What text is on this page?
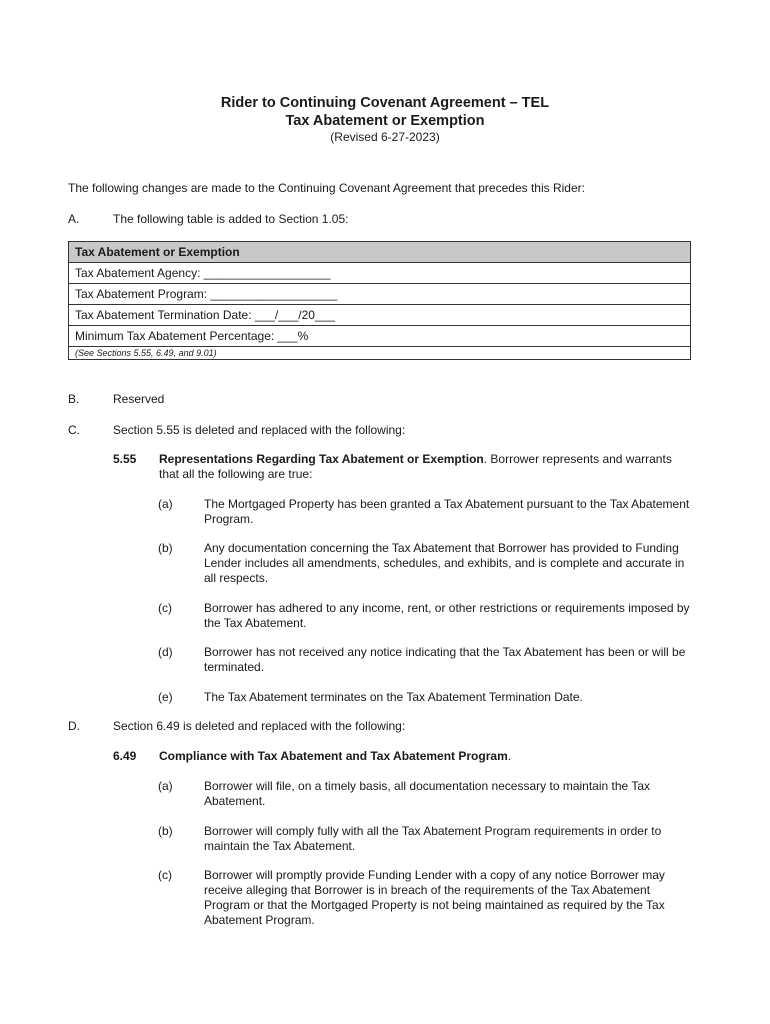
Rider to Continuing Covenant Agreement – TEL
Tax Abatement or Exemption
(Revised 6-27-2023)
The following changes are made to the Continuing Covenant Agreement that precedes this Rider:
A.	The following table is added to Section 1.05:
Tax Abatement or Exemption
Tax Abatement Agency: ___________________
Tax Abatement Program: ___________________
Tax Abatement Termination Date: ___/___/20___
Minimum Tax Abatement Percentage: ___%
(See Sections 5.55, 6.49, and 9.01)
B.	Reserved
C.	Section 5.55 is deleted and replaced with the following:
5.55 Representations Regarding Tax Abatement or Exemption. Borrower represents and warrants
that all the following are true:
(a)	The Mortgaged Property has been granted a Tax Abatement pursuant to the Tax Abatement Program.
(b)	Any documentation concerning the Tax Abatement that Borrower has provided to Funding Lender includes all amendments, schedules, and exhibits, and is complete and accurate in all respects.
(c)	Borrower has adhered to any income, rent, or other restrictions or requirements imposed by the Tax Abatement.
(d)	Borrower has not received any notice indicating that the Tax Abatement has been or will be terminated.
(e)	The Tax Abatement terminates on the Tax Abatement Termination Date.
D.	Section 6.49 is deleted and replaced with the following:
6.49 Compliance with Tax Abatement and Tax Abatement Program.
(a)	Borrower will file, on a timely basis, all documentation necessary to maintain the Tax Abatement.
(b)	Borrower will comply fully with all the Tax Abatement Program requirements in order to maintain the Tax Abatement.
(c)	Borrower will promptly provide Funding Lender with a copy of any notice Borrower may receive alleging that Borrower is in breach of the requirements of the Tax Abatement Program or that the Mortgaged Property is not being maintained as required by the Tax Abatement Program.
